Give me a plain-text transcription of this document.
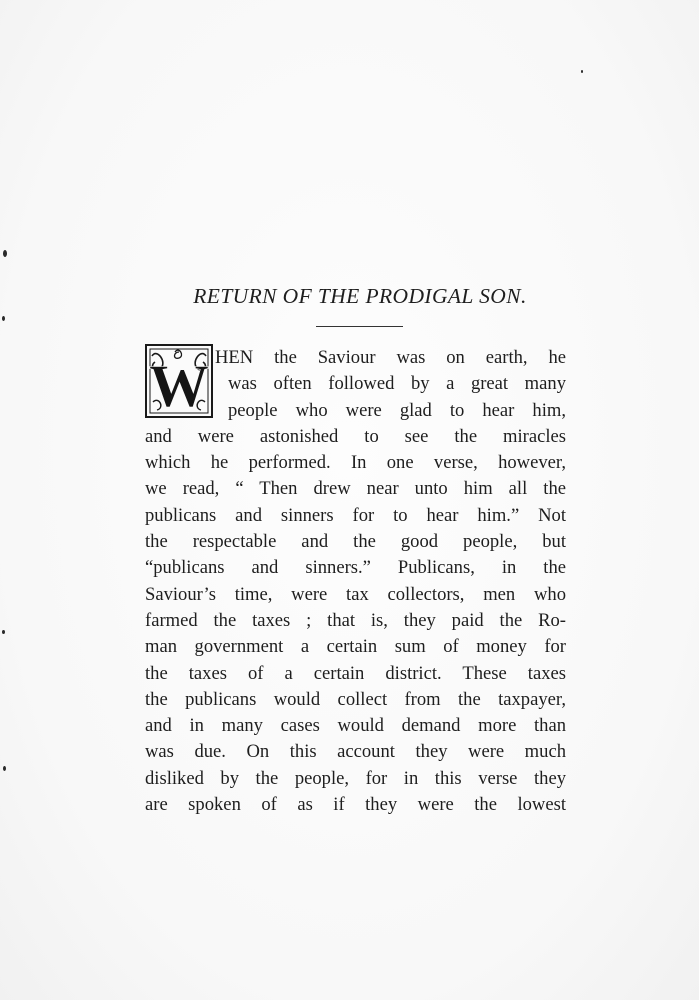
RETURN OF THE PRODIGAL SON.
W HEN the Saviour was on earth, he
was often followed by a great many
people who were glad to hear him,
and were astonished to see the miracles
which he performed. In one verse, however,
we read, “ Then drew near unto him all the
publicans and sinners for to hear him.” Not
the respectable and the good people, but
“publicans and sinners.” Publicans, in the
Saviour’s time, were tax collectors, men who
farmed the taxes ; that is, they paid the Ro-
man government a certain sum of money for
the taxes of a certain district. These taxes
the publicans would collect from the taxpayer,
and in many cases would demand more than
was due. On this account they were much
disliked by the people, for in this verse they
are spoken of as if they were the lowest
